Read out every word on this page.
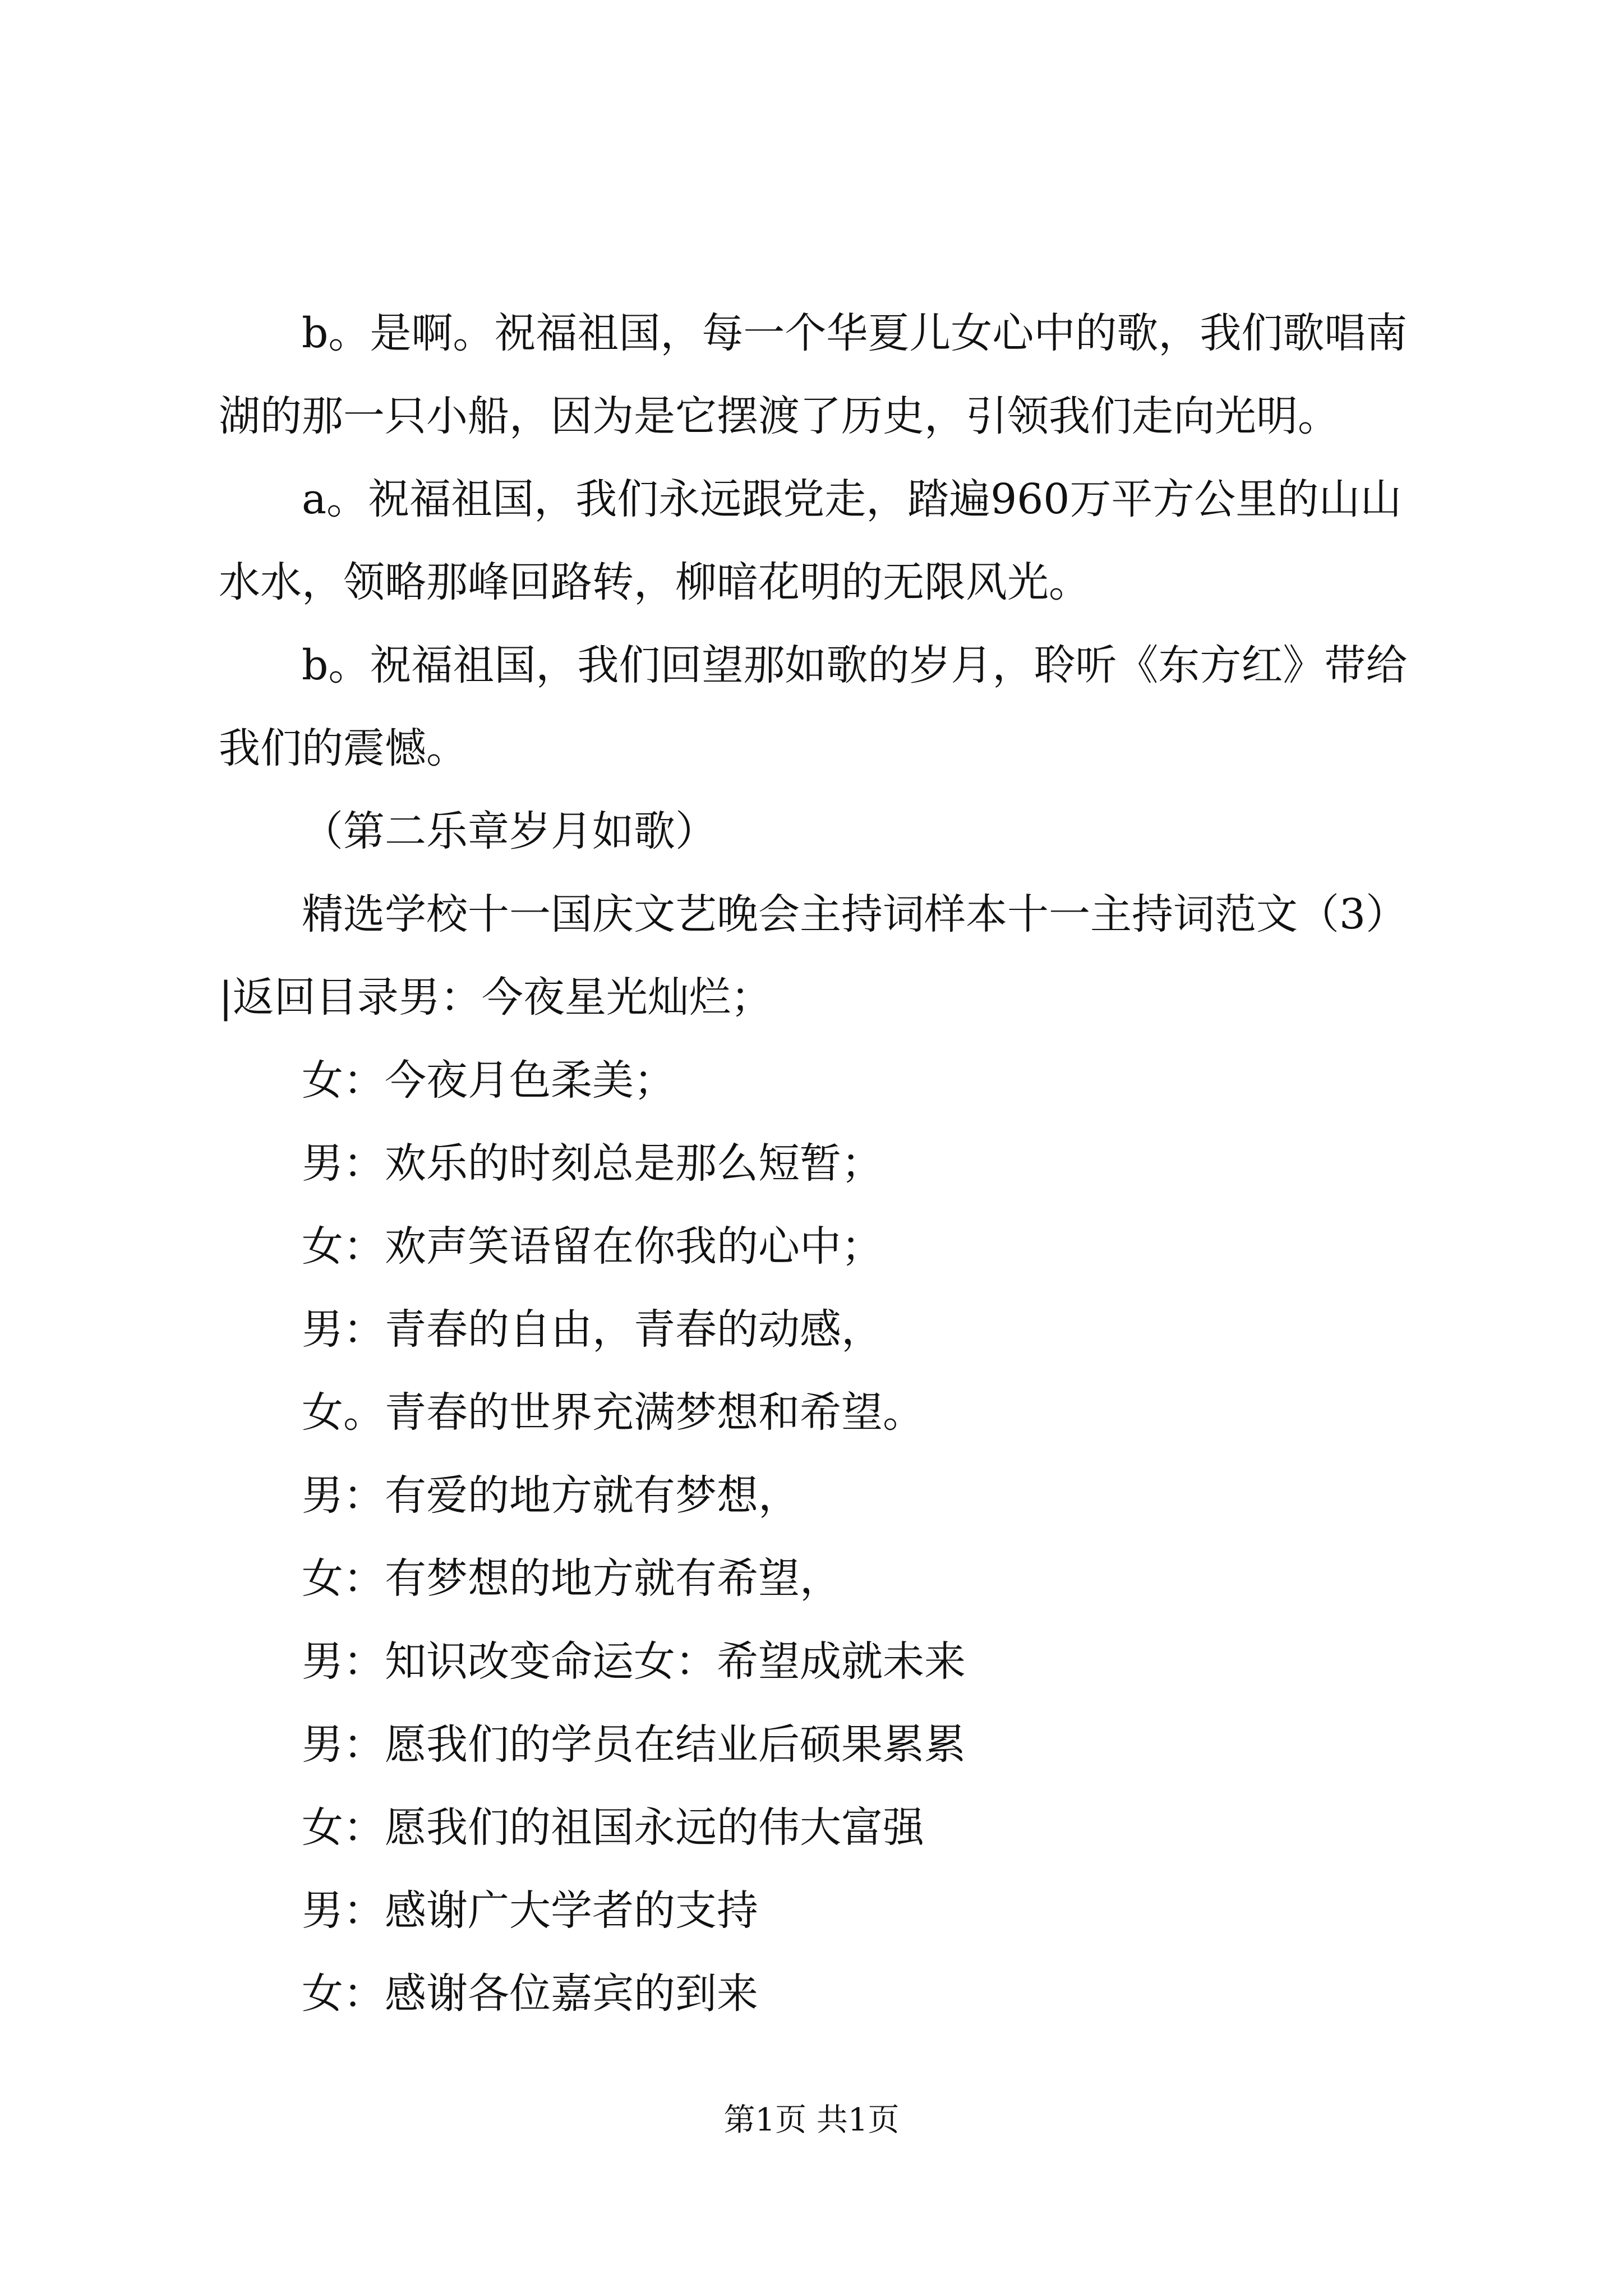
b。是啊。祝福祖国，每一个华夏儿女心中的歌，我们歌唱南湖的那一只小船，因为是它摆渡了历史，引领我们走向光明。

a。祝福祖国，我们永远跟党走，踏遍960万平方公里的山山水水，领略那峰回路转，柳暗花明的无限风光。

b。祝福祖国，我们回望那如歌的岁月，聆听《东方红》带给我们的震憾。

（第二乐章岁月如歌）

精选学校十一国庆文艺晚会主持词样本十一主持词范文（3）|返回目录男：今夜星光灿烂；

女：今夜月色柔美；

男：欢乐的时刻总是那么短暂；

女：欢声笑语留在你我的心中；

男：青春的自由，青春的动感，

女。青春的世界充满梦想和希望。

男：有爱的地方就有梦想，

女：有梦想的地方就有希望，

男：知识改变命运女：希望成就未来

男：愿我们的学员在结业后硕果累累

女：愿我们的祖国永远的伟大富强

男：感谢广大学者的支持

女：感谢各位嘉宾的到来

第1页 共1页
